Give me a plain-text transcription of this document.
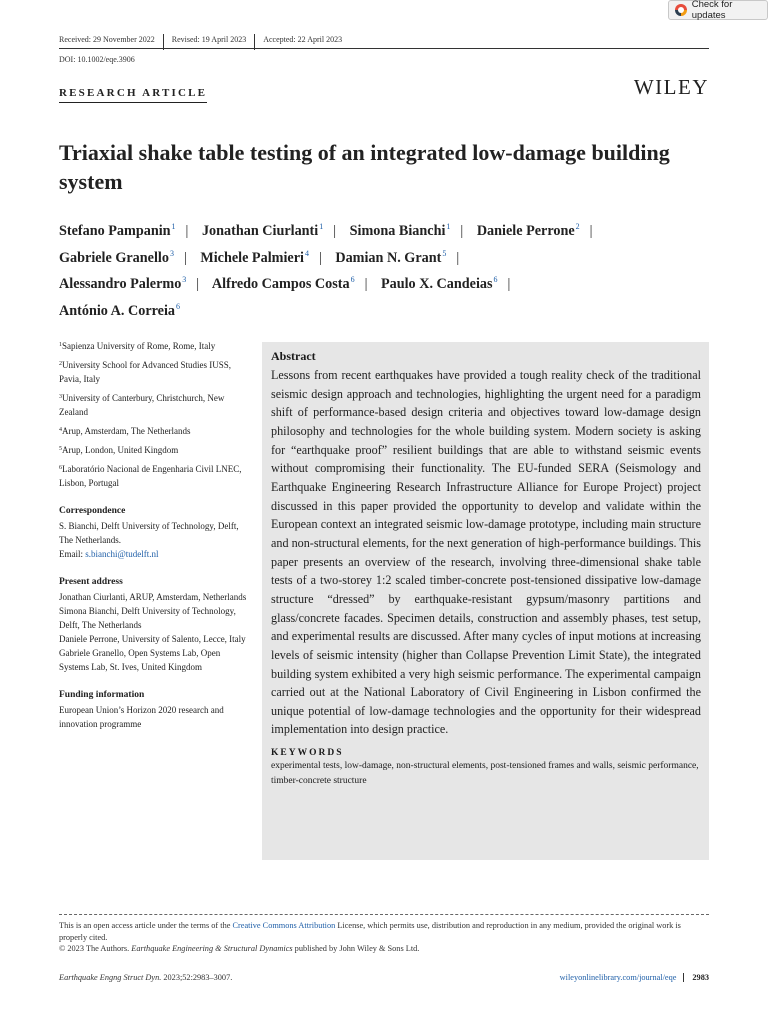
Check for updates
Received: 29 November 2022	Revised: 19 April 2023	Accepted: 22 April 2023
DOI: 10.1002/eqe.3906
RESEARCH ARTICLE	WILEY
Triaxial shake table testing of an integrated low-damage building system
Stefano Pampanin$^1$ | Jonathan Ciurlanti$^1$ | Simona Bianchi$^1$ | Daniele Perrone$^2$ |
Gabriele Granello$^3$ | Michele Palmieri$^4$ | Damian N. Grant$^5$ |
Alessandro Palermo$^3$ | Alfredo Campos Costa$^6$ | Paulo X. Candeias$^6$ |
António A. Correia$^6$
$^1$Sapienza University of Rome, Rome, Italy
$^2$University School for Advanced Studies IUSS, Pavia, Italy
$^3$University of Canterbury, Christchurch, New Zealand
$^4$Arup, Amsterdam, The Netherlands
$^5$Arup, London, United Kingdom
$^6$Laboratório Nacional de Engenharia Civil LNEC, Lisbon, Portugal
Correspondence
S. Bianchi, Delft University of Technology, Delft, The Netherlands.
Email: s.bianchi@tudelft.nl
Present address
Jonathan Ciurlanti, ARUP, Amsterdam, Netherlands
Simona Bianchi, Delft University of Technology, Delft, The Netherlands
Daniele Perrone, University of Salento, Lecce, Italy
Gabriele Granello, Open Systems Lab, Open Systems Lab, St. Ives, United Kingdom
Funding information
European Union’s Horizon 2020 research and innovation programme
Abstract

Lessons from recent earthquakes have provided a tough reality check of the traditional seismic design approach and technologies, highlighting the urgent need for a paradigm shift of performance-based design criteria and objectives toward low-damage design philosophy and technologies for the whole building system. Modern society is asking for “earthquake proof” resilient buildings that are able to withstand seismic events without compromising their functionality. The EU-funded SERA (Seismology and Earthquake Engineering Research Infrastructure Alliance for Europe Project) project discussed in this paper provided the opportunity to develop and validate within the European context an integrated seismic low-damage prototype, including main structure and non-structural elements, for the next generation of high-performance buildings. This paper presents an overview of the research, involving three-dimensional shake table tests of a two-storey 1:2 scaled timber-concrete post-tensioned dissipative low-damage structure “dressed” by earthquake-resistant gypsum/masonry partitions and glass/concrete facades. Specimen details, construction and assembly phases, test setup, and experimental results are discussed. After many cycles of input motions at increasing levels of seismic intensity (higher than Collapse Prevention Limit State), the integrated building system exhibited a very high seismic performance. The experimental campaign carried out at the National Laboratory of Civil Engineering in Lisbon confirmed the unique potential of low-damage technologies and the opportunity for their widespread implementation into design practice.

KEYWORDS
experimental tests, low-damage, non-structural elements, post-tensioned frames and walls, seismic performance, timber-concrete structure
This is an open access article under the terms of the Creative Commons Attribution License, which permits use, distribution and reproduction in any medium, provided the original work is properly cited.
© 2023 The Authors. Earthquake Engineering & Structural Dynamics published by John Wiley & Sons Ltd.
Earthquake Engng Struct Dyn. 2023;52:2983–3007.	wileyonlinelibrary.com/journal/eqe	2983
